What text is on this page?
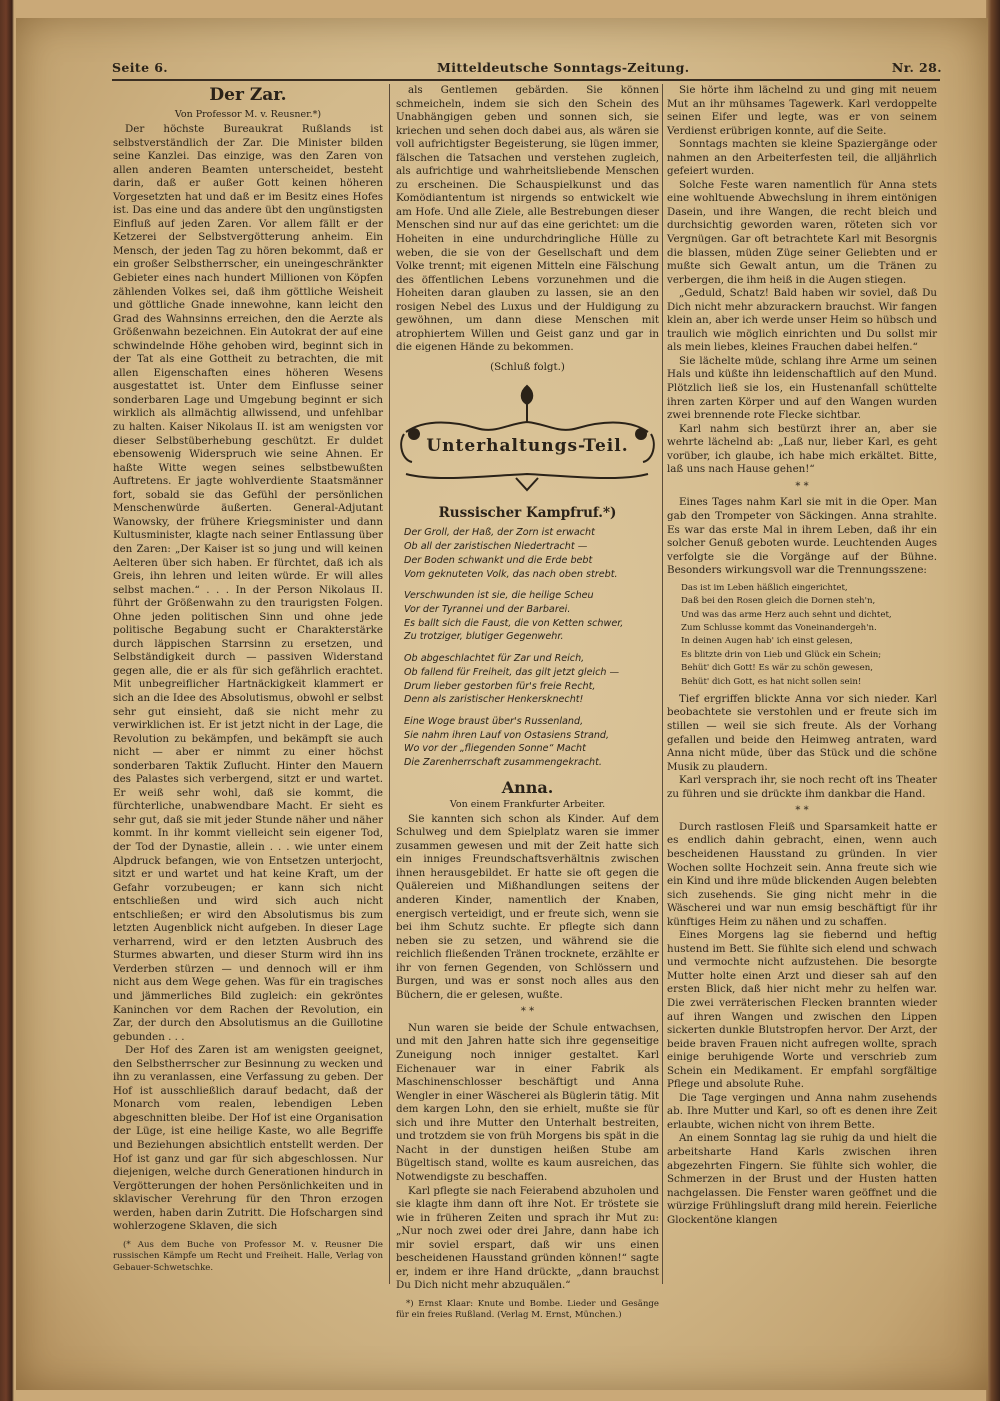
Seite 6.	Mitteldeutsche Sonntags-Zeitung.	Nr. 28.
Der Zar.
Von Professor M. v. Reusner.*)

Der höchste Bureaukrat Rußlands ist selbstverständlich der Zar. Die Minister bilden seine Kanzlei. Das einzige, was den Zaren von allen anderen Beamten unterscheidet, besteht darin, daß er außer Gott keinen höheren Vorgesetzten hat und daß er im Besitz eines Hofes ist. Das eine und das andere übt den ungünstigsten Einfluß auf jeden Zaren. Vor allem fällt er der Ketzerei der Selbstvergötterung anheim. Ein Mensch, der jeden Tag zu hören bekommt, daß er ein großer Selbstherrscher, ein uneingeschränkter Gebieter eines nach hundert Millionen von Köpfen zählenden Volkes sei, daß ihm göttliche Weisheit und göttliche Gnade innewohne, kann leicht den Grad des Wahnsinns erreichen, den die Aerzte als Größenwahn bezeichnen. Ein Autokrat der auf eine schwindelnde Höhe gehoben wird, beginnt sich in der Tat als eine Gottheit zu betrachten, die mit allen Eigenschaften eines höheren Wesens ausgestattet ist. Unter dem Einflusse seiner sonderbaren Lage und Umgebung beginnt er sich wirklich als allmächtig allwissend, und unfehlbar zu halten. Kaiser Nikolaus II. ist am wenigsten vor dieser Selbstüberhebung geschützt. Er duldet ebensowenig Widerspruch wie seine Ahnen. Er haßte Witte wegen seines selbstbewußten Auftretens. Er jagte wohlverdiente Staatsmänner fort, sobald sie das Gefühl der persönlichen Menschenwürde äußerten. General-Adjutant Wanowsky, der frühere Kriegsminister und dann Kultusminister, klagte nach seiner Entlassung über den Zaren: „Der Kaiser ist so jung und will keinen Aelteren über sich haben. Er fürchtet, daß ich als Greis, ihn lehren und leiten würde. Er will alles selbst machen.“ . . . In der Person Nikolaus II. führt der Größenwahn zu den traurigsten Folgen. Ohne jeden politischen Sinn und ohne jede politische Begabung sucht er Charakterstärke durch läppischen Starrsinn zu ersetzen, und Selbständigkeit durch — passiven Widerstand gegen alle, die er als für sich gefährlich erachtet. Mit unbegreiflicher Hartnäckigkeit klammert er sich an die Idee des Absolutismus, obwohl er selbst sehr gut einsieht, daß sie nicht mehr zu verwirklichen ist. Er ist jetzt nicht in der Lage, die Revolution zu bekämpfen, und bekämpft sie auch nicht — aber er nimmt zu einer höchst sonderbaren Taktik Zuflucht. Hinter den Mauern des Palastes sich verbergend, sitzt er und wartet. Er weiß sehr wohl, daß sie kommt, die fürchterliche, unabwendbare Macht. Er sieht es sehr gut, daß sie mit jeder Stunde näher und näher kommt. In ihr kommt vielleicht sein eigener Tod, der Tod der Dynastie, allein . . . wie unter einem Alpdruck befangen, wie von Entsetzen unterjocht, sitzt er und wartet und hat keine Kraft, um der Gefahr vorzubeugen; er kann sich nicht entschließen und wird sich auch nicht entschließen; er wird den Absolutismus bis zum letzten Augenblick nicht aufgeben. In dieser Lage verharrend, wird er den letzten Ausbruch des Sturmes abwarten, und dieser Sturm wird ihn ins Verderben stürzen — und dennoch will er ihm nicht aus dem Wege gehen. Was für ein tragisches und jämmerliches Bild zugleich: ein gekröntes Kaninchen vor dem Rachen der Revolution, ein Zar, der durch den Absolutismus an die Guillotine gebunden . . .

Der Hof des Zaren ist am wenigsten geeignet, den Selbstherrscher zur Besinnung zu wecken und ihn zu veranlassen, eine Verfassung zu geben. Der Hof ist ausschließlich darauf bedacht, daß der Monarch vom realen, lebendigen Leben abgeschnitten bleibe. Der Hof ist eine Organisation der Lüge, ist eine heilige Kaste, wo alle Begriffe und Beziehungen absichtlich entstellt werden. Der Hof ist ganz und gar für sich abgeschlossen. Nur diejenigen, welche durch Generationen hindurch in Vergötterungen der hohen Persönlichkeiten und in sklavischer Verehrung für den Thron erzogen werden, haben darin Zutritt. Die Hofschargen sind wohlerzogene Sklaven, die sich

(* Aus dem Buche von Professor M. v. Reusner Die russischen Kämpfe um Recht und Freiheit. Halle, Verlag von Gebauer-Schwetschke.

als Gentlemen gebärden. Sie können schmeicheln, indem sie sich den Schein des Unabhängigen geben und sonnen sich, sie kriechen und sehen doch dabei aus, als wären sie voll aufrichtigster Begeisterung, sie lügen immer, fälschen die Tatsachen und verstehen zugleich, als aufrichtige und wahrheitsliebende Menschen zu erscheinen. Die Schauspielkunst und das Komödiantentum ist nirgends so entwickelt wie am Hofe. Und alle Ziele, alle Bestrebungen dieser Menschen sind nur auf das eine gerichtet: um die Hoheiten in eine undurchdringliche Hülle zu weben, die sie von der Gesellschaft und dem Volke trennt; mit eigenen Mitteln eine Fälschung des öffentlichen Lebens vorzunehmen und die Hoheiten daran glauben zu lassen, sie an den rosigen Nebel des Luxus und der Huldigung zu gewöhnen, um dann diese Menschen mit atrophiertem Willen und Geist ganz und gar in die eigenen Hände zu bekommen.

(Schluß folgt.)
Unterhaltungs-Teil.
Russischer Kampfruf.*)
Der Groll, der Haß, der Zorn ist erwacht
Ob all der zaristischen Niedertracht —
Der Boden schwankt und die Erde bebt
Vom geknuteten Volk, das nach oben strebt.
Verschwunden ist sie, die heilige Scheu
Vor der Tyrannei und der Barbarei.
Es ballt sich die Faust, die von Ketten schwer,
Zu trotziger, blutiger Gegenwehr.
Ob abgeschlachtet für Zar und Reich,
Ob fallend für Freiheit, das gilt jetzt gleich —
Drum lieber gestorben für's freie Recht,
Denn als zaristischer Henkersknecht!
Eine Woge braust über's Russenland,
Sie nahm ihren Lauf von Ostasiens Strand,
Wo vor der „fliegenden Sonne“ Macht
Die Zarenherrschaft zusammengekracht.
Anna.
Von einem Frankfurter Arbeiter.

Sie kannten sich schon als Kinder. Auf dem Schulweg und dem Spielplatz waren sie immer zusammen gewesen und mit der Zeit hatte sich ein inniges Freundschaftsverhältnis zwischen ihnen herausgebildet. Er hatte sie oft gegen die Quälereien und Mißhandlungen seitens der anderen Kinder, namentlich der Knaben, energisch verteidigt, und er freute sich, wenn sie bei ihm Schutz suchte. Er pflegte sich dann neben sie zu setzen, und während sie die reichlich fließenden Tränen trocknete, erzählte er ihr von fernen Gegenden, von Schlössern und Burgen, und was er sonst noch alles aus den Büchern, die er gelesen, wußte.

* *

Nun waren sie beide der Schule entwachsen, und mit den Jahren hatte sich ihre gegenseitige Zuneigung noch inniger gestaltet. Karl Eichenauer war in einer Fabrik als Maschinenschlosser beschäftigt und Anna Wengler in einer Wäscherei als Büglerin tätig. Mit dem kargen Lohn, den sie erhielt, mußte sie für sich und ihre Mutter den Unterhalt bestreiten, und trotzdem sie von früh Morgens bis spät in die Nacht in der dunstigen heißen Stube am Bügeltisch stand, wollte es kaum ausreichen, das Notwendigste zu beschaffen.

Karl pflegte sie nach Feierabend abzuholen und sie klagte ihm dann oft ihre Not. Er tröstete sie wie in früheren Zeiten und sprach ihr Mut zu: „Nur noch zwei oder drei Jahre, dann habe ich mir soviel erspart, daß wir uns einen bescheidenen Hausstand gründen können!“ sagte er, indem er ihre Hand drückte, „dann brauchst Du Dich nicht mehr abzuquälen.“

*) Ernst Klaar: Knute und Bombe. Lieder und Gesänge für ein freies Rußland. (Verlag M. Ernst, München.)

Sie hörte ihm lächelnd zu und ging mit neuem Mut an ihr mühsames Tagewerk. Karl verdoppelte seinen Eifer und legte, was er von seinem Verdienst erübrigen konnte, auf die Seite.

Sonntags machten sie kleine Spaziergänge oder nahmen an den Arbeiterfesten teil, die alljährlich gefeiert wurden.

Solche Feste waren namentlich für Anna stets eine wohltuende Abwechslung in ihrem eintönigen Dasein, und ihre Wangen, die recht bleich und durchsichtig geworden waren, röteten sich vor Vergnügen. Gar oft betrachtete Karl mit Besorgnis die blassen, müden Züge seiner Geliebten und er mußte sich Gewalt antun, um die Tränen zu verbergen, die ihm heiß in die Augen stiegen.

„Geduld, Schatz! Bald haben wir soviel, daß Du Dich nicht mehr abzurackern brauchst. Wir fangen klein an, aber ich werde unser Heim so hübsch und traulich wie möglich einrichten und Du sollst mir als mein liebes, kleines Frauchen dabei helfen.“

Sie lächelte müde, schlang ihre Arme um seinen Hals und küßte ihn leidenschaftlich auf den Mund. Plötzlich ließ sie los, ein Hustenanfall schüttelte ihren zarten Körper und auf den Wangen wurden zwei brennende rote Flecke sichtbar.

Karl nahm sich bestürzt ihrer an, aber sie wehrte lächelnd ab: „Laß nur, lieber Karl, es geht vorüber, ich glaube, ich habe mich erkältet. Bitte, laß uns nach Hause gehen!“

* *

Eines Tages nahm Karl sie mit in die Oper. Man gab den Trompeter von Säckingen. Anna strahlte. Es war das erste Mal in ihrem Leben, daß ihr ein solcher Genuß geboten wurde. Leuchtenden Auges verfolgte sie die Vorgänge auf der Bühne. Besonders wirkungsvoll war die Trennungsszene:

Das ist im Leben häßlich eingerichtet,
Daß bei den Rosen gleich die Dornen steh'n,
Und was das arme Herz auch sehnt und dichtet,
Zum Schlusse kommt das Voneinandergeh'n.
In deinen Augen hab' ich einst gelesen,
Es blitzte drin von Lieb und Glück ein Schein;
Behüt' dich Gott! Es wär zu schön gewesen,
Behüt' dich Gott, es hat nicht sollen sein!

Tief ergriffen blickte Anna vor sich nieder. Karl beobachtete sie verstohlen und er freute sich im stillen — weil sie sich freute. Als der Vorhang gefallen und beide den Heimweg antraten, ward Anna nicht müde, über das Stück und die schöne Musik zu plaudern.

Karl versprach ihr, sie noch recht oft ins Theater zu führen und sie drückte ihm dankbar die Hand.

* *

Durch rastlosen Fleiß und Sparsamkeit hatte er es endlich dahin gebracht, einen, wenn auch bescheidenen Hausstand zu gründen. In vier Wochen sollte Hochzeit sein. Anna freute sich wie ein Kind und ihre müde blickenden Augen belebten sich zusehends. Sie ging nicht mehr in die Wäscherei und war nun emsig beschäftigt für ihr künftiges Heim zu nähen und zu schaffen.

Eines Morgens lag sie fiebernd und heftig hustend im Bett. Sie fühlte sich elend und schwach und vermochte nicht aufzustehen. Die besorgte Mutter holte einen Arzt und dieser sah auf den ersten Blick, daß hier nicht mehr zu helfen war. Die zwei verräterischen Flecken brannten wieder auf ihren Wangen und zwischen den Lippen sickerten dunkle Blutstropfen hervor. Der Arzt, der beide braven Frauen nicht aufregen wollte, sprach einige beruhigende Worte und verschrieb zum Schein ein Medikament. Er empfahl sorgfältige Pflege und absolute Ruhe.

Die Tage vergingen und Anna nahm zusehends ab. Ihre Mutter und Karl, so oft es denen ihre Zeit erlaubte, wichen nicht von ihrem Bette.

An einem Sonntag lag sie ruhig da und hielt die arbeitsharte Hand Karls zwischen ihren abgezehrten Fingern. Sie fühlte sich wohler, die Schmerzen in der Brust und der Husten hatten nachgelassen. Die Fenster waren geöffnet und die würzige Frühlingsluft drang mild herein. Feierliche Glockentöne klangen
